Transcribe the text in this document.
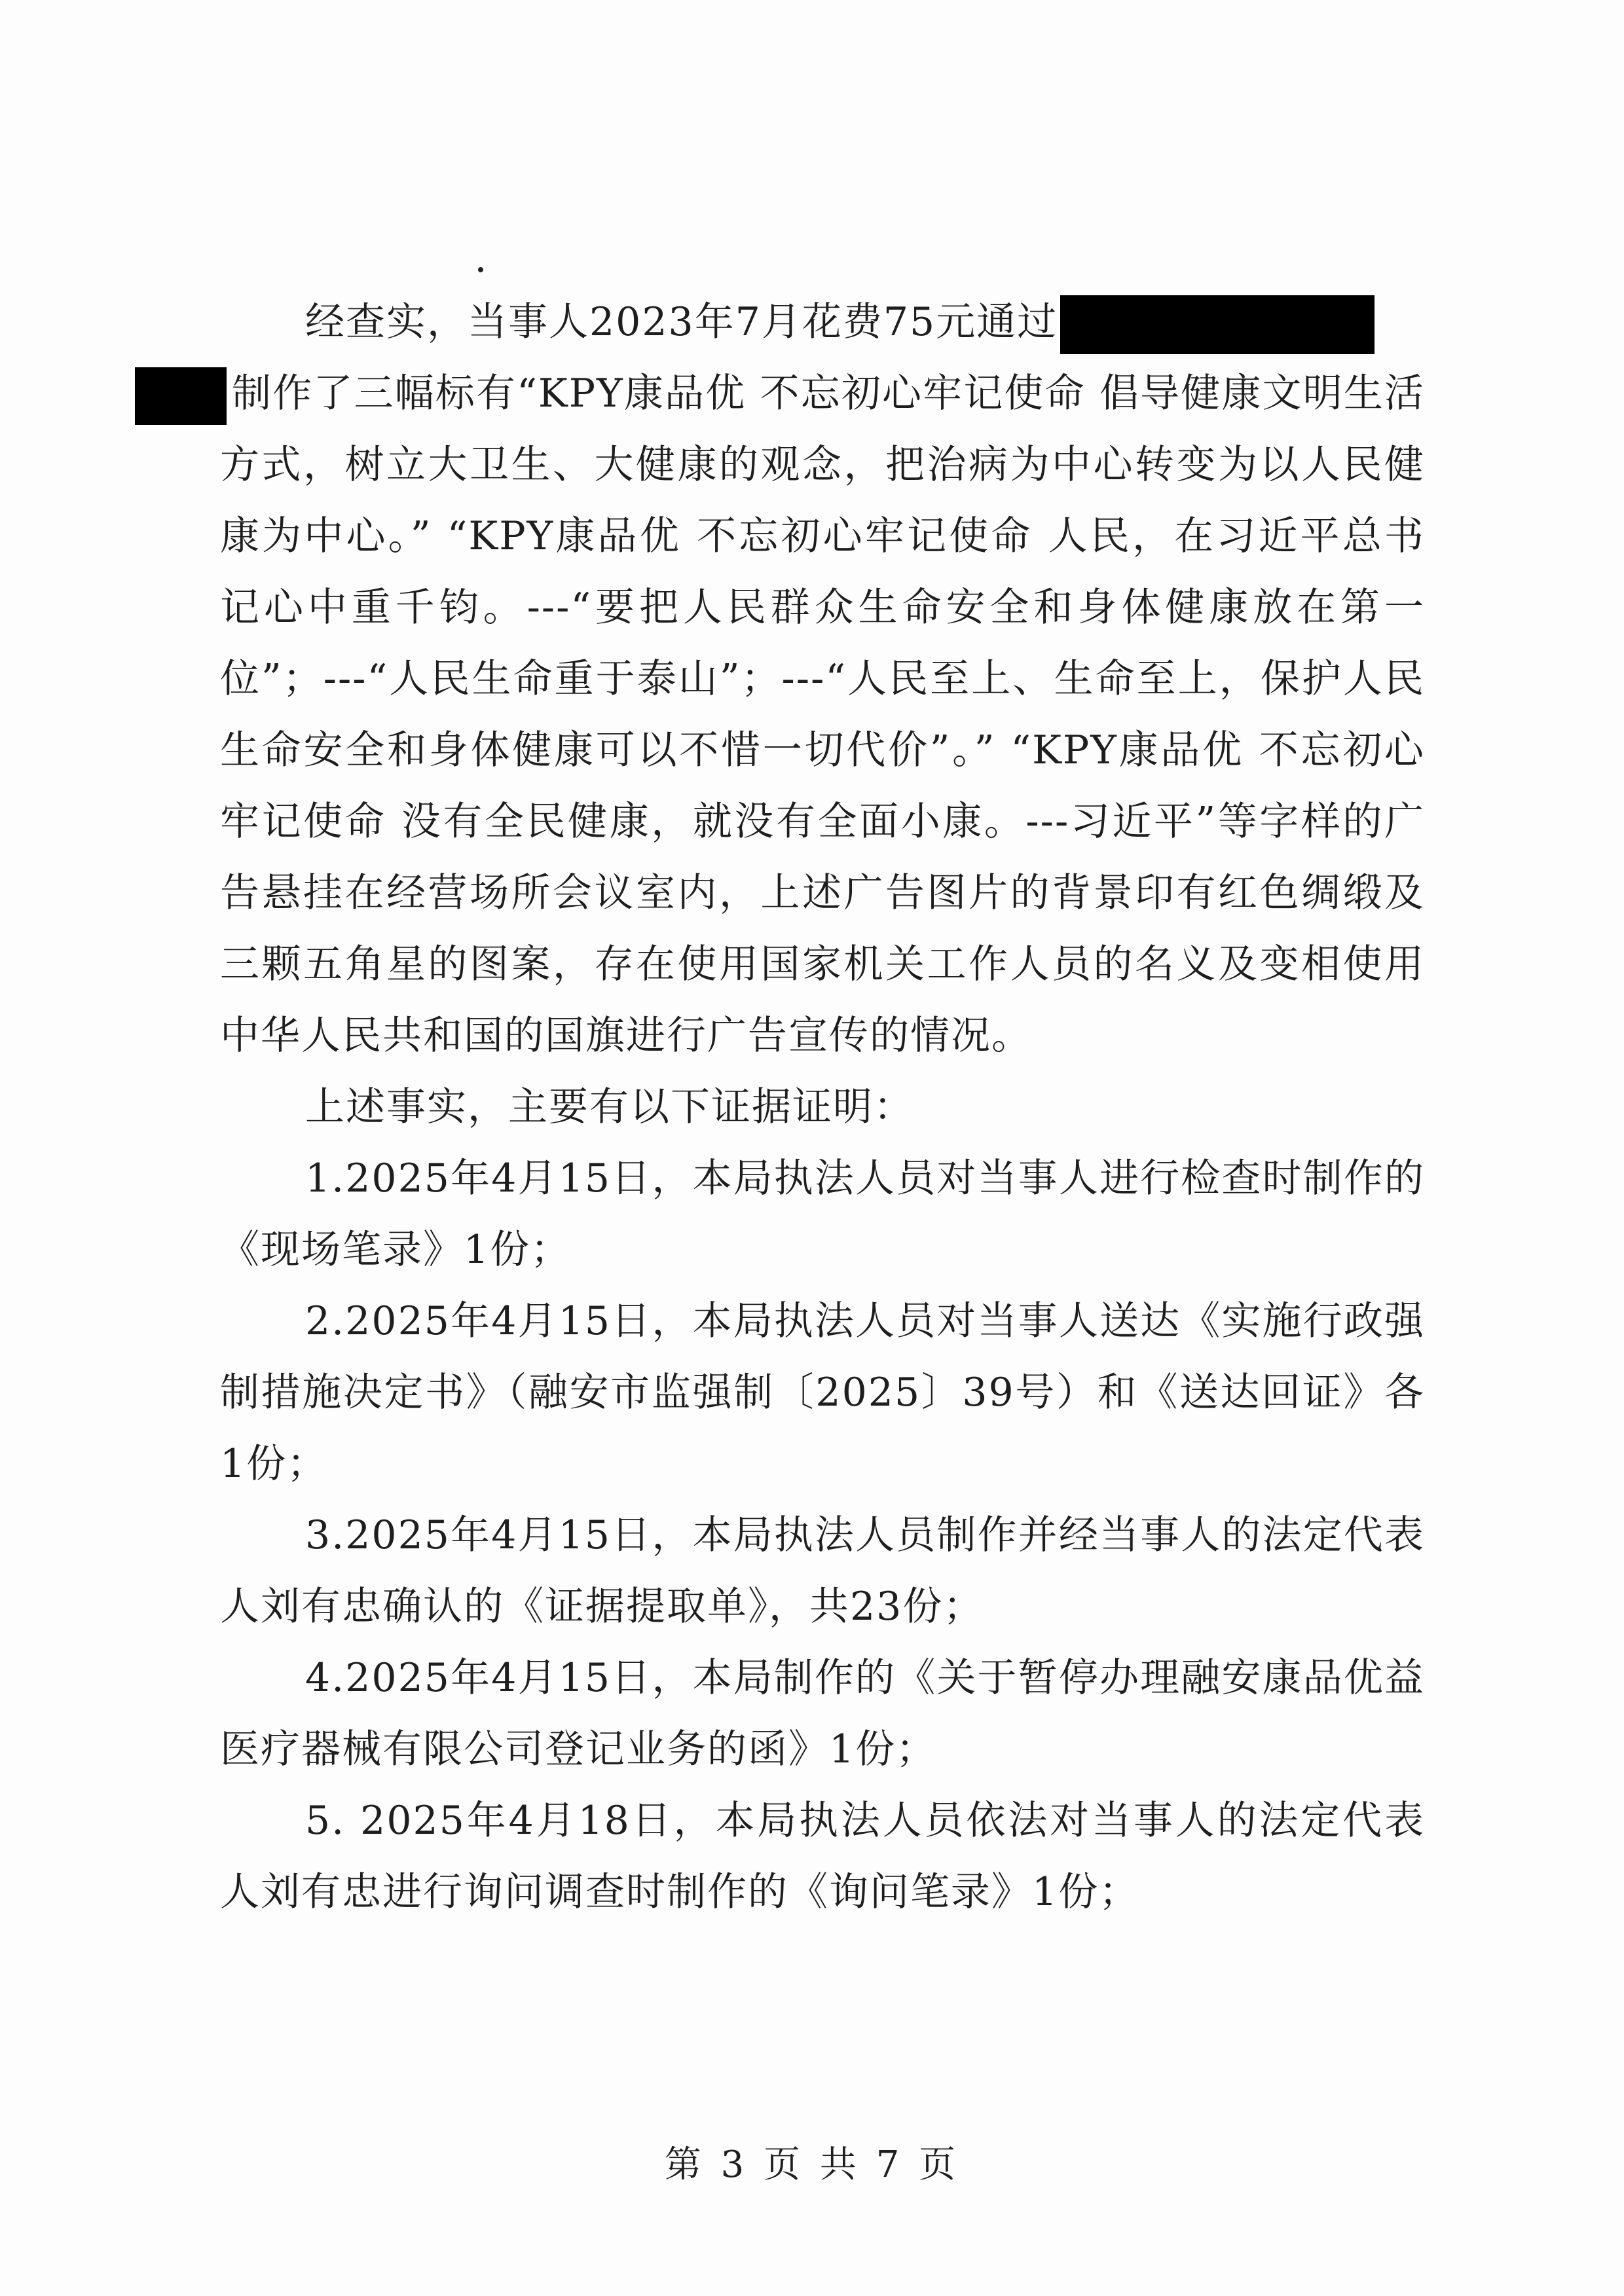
经查实，当事人2023年7月花费75元通过
制作了三幅标有“KPY康品优 不忘初心牢记使命 倡导健康文明生活方式，树立大卫生、大健康的观念，把治病为中心转变为以人民健康为中心。” “KPY康品优 不忘初心牢记使命 人民，在习近平总书记心中重千钧。---“要把人民群众生命安全和身体健康放在第一位”；---“人民生命重于泰山”；---“人民至上、生命至上，保护人民生命安全和身体健康可以不惜一切代价”。” “KPY康品优 不忘初心牢记使命 没有全民健康，就没有全面小康。---习近平”等字样的广告悬挂在经营场所会议室内，上述广告图片的背景印有红色绸缎及三颗五角星的图案，存在使用国家机关工作人员的名义及变相使用中华人民共和国的国旗进行广告宣传的情况。

上述事实，主要有以下证据证明：

1.2025年4月15日，本局执法人员对当事人进行检查时制作的《现场笔录》1份；

2.2025年4月15日，本局执法人员对当事人送达《实施行政强制措施决定书》（融安市监强制〔2025〕39号）和《送达回证》各1份；

3.2025年4月15日，本局执法人员制作并经当事人的法定代表人刘有忠确认的《证据提取单》，共23份；

4.2025年4月15日，本局制作的《关于暂停办理融安康品优益医疗器械有限公司登记业务的函》1份；

5. 2025年4月18日，本局执法人员依法对当事人的法定代表人刘有忠进行询问调查时制作的《询问笔录》1份；

第 3 页 共 7 页
